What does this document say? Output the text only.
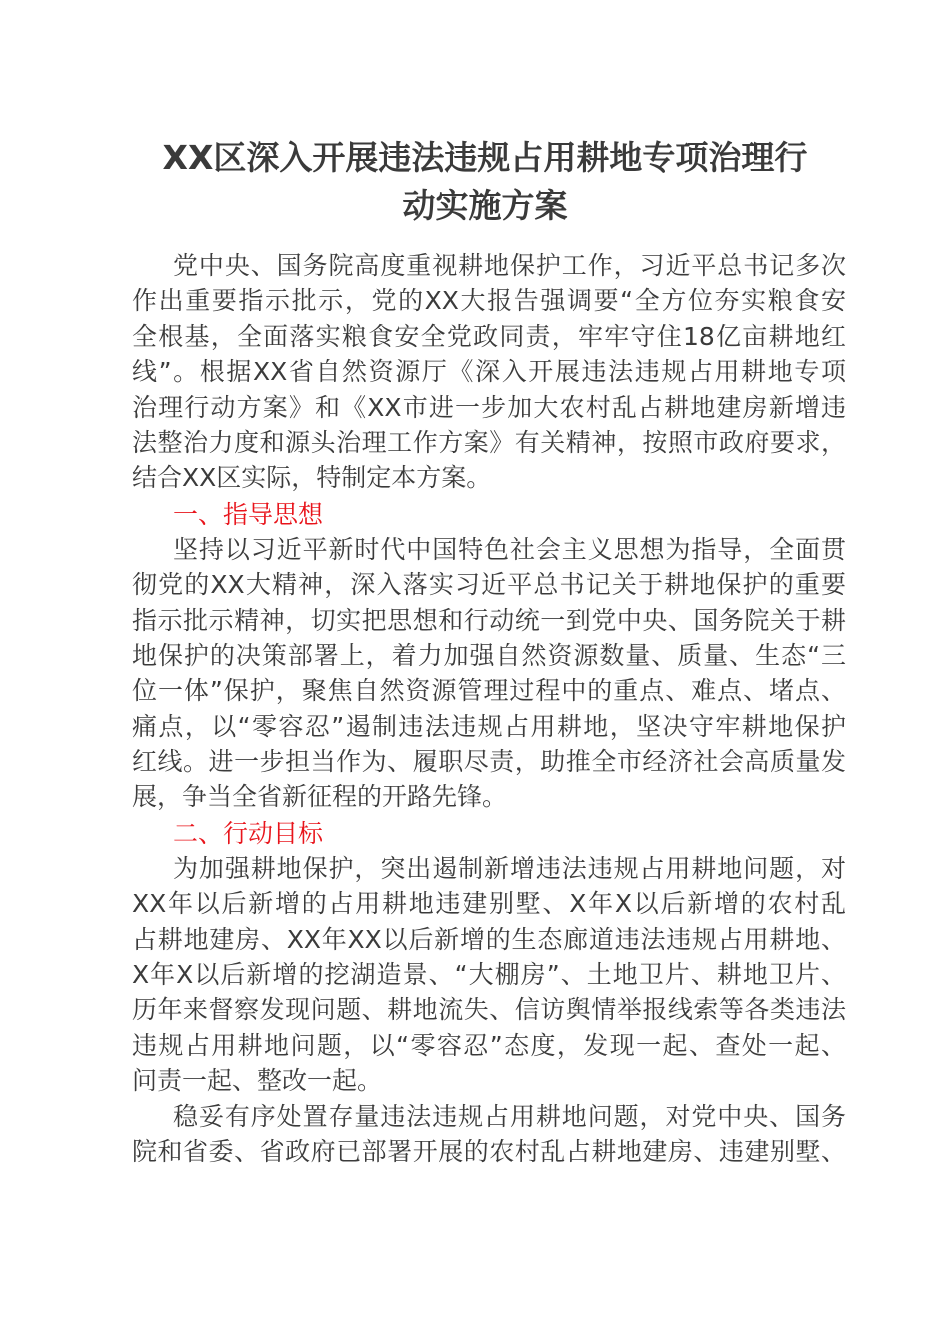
XX区深入开展违法违规占用耕地专项治理行
动实施方案
党中央、国务院高度重视耕地保护工作，习近平总书记多次
作出重要指示批示，党的XX大报告强调要“全方位夯实粮食安
全根基，全面落实粮食安全党政同责，牢牢守住18亿亩耕地红
线”。根据XX省自然资源厅《深入开展违法违规占用耕地专项
治理行动方案》和《XX市进一步加大农村乱占耕地建房新增违
法整治力度和源头治理工作方案》有关精神，按照市政府要求，
结合XX区实际，特制定本方案。
一、指导思想
坚持以习近平新时代中国特色社会主义思想为指导，全面贯
彻党的XX大精神，深入落实习近平总书记关于耕地保护的重要
指示批示精神，切实把思想和行动统一到党中央、国务院关于耕
地保护的决策部署上，着力加强自然资源数量、质量、生态“三
位一体”保护，聚焦自然资源管理过程中的重点、难点、堵点、
痛点，以“零容忍”遏制违法违规占用耕地，坚决守牢耕地保护
红线。进一步担当作为、履职尽责，助推全市经济社会高质量发
展，争当全省新征程的开路先锋。
二、行动目标
为加强耕地保护，突出遏制新增违法违规占用耕地问题，对
XX年以后新增的占用耕地违建别墅、X年X以后新增的农村乱
占耕地建房、XX年XX以后新增的生态廊道违法违规占用耕地、
X年X以后新增的挖湖造景、“大棚房”、土地卫片、耕地卫片、
历年来督察发现问题、耕地流失、信访舆情举报线索等各类违法
违规占用耕地问题，以“零容忍”态度，发现一起、查处一起、
问责一起、整改一起。
稳妥有序处置存量违法违规占用耕地问题，对党中央、国务
院和省委、省政府已部署开展的农村乱占耕地建房、违建别墅、
